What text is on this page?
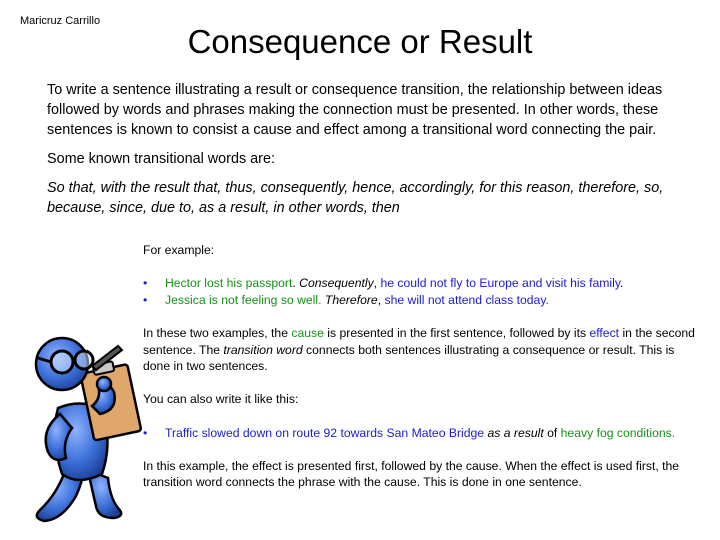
Maricruz Carrillo
Consequence or Result

To write a sentence illustrating a result or consequence transition, the relationship between ideas followed by words and phrases making the connection must be presented. In other words, these sentences is known to consist a cause and effect among a transitional word connecting the pair.

Some known transitional words are:

So that, with the result that, thus, consequently, hence, accordingly, for this reason, therefore, so, because, since, due to, as a result, in other words, then

For example:

• Hector lost his passport. Consequently, he could not fly to Europe and visit his family.

• Jessica is not feeling so well. Therefore, she will not attend class today.

In these two examples, the cause is presented in the first sentence, followed by its effect in the second sentence. The transition word connects both sentences illustrating a consequence or result. This is done in two sentences.

You can also write it like this:

• Traffic slowed down on route 92 towards San Mateo Bridge as a result of heavy fog conditions.

In this example, the effect is presented first, followed by the cause. When the effect is used first, the transition word connects the phrase with the cause. This is done in one sentence.
